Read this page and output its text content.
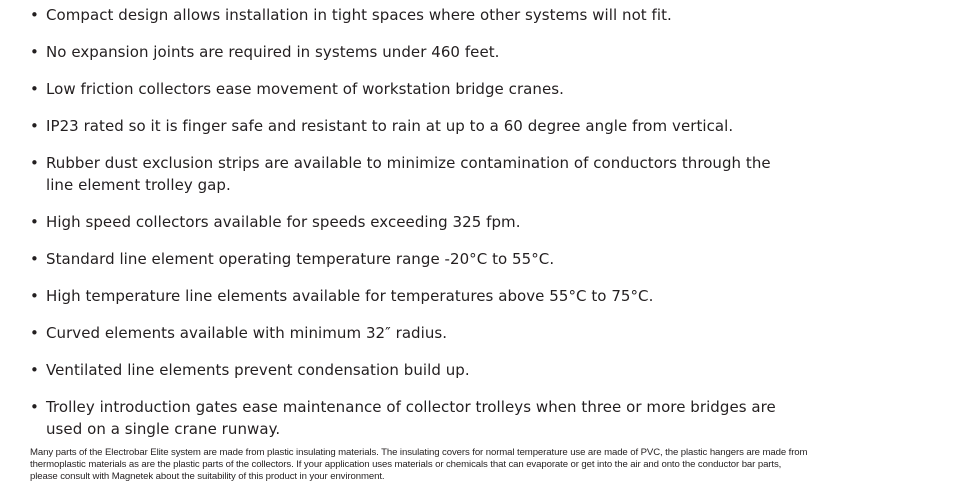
• Compact design allows installation in tight spaces where other systems will not fit.
• No expansion joints are required in systems under 460 feet.
• Low friction collectors ease movement of workstation bridge cranes.
• IP23 rated so it is finger safe and resistant to rain at up to a 60 degree angle from vertical.
• Rubber dust exclusion strips are available to minimize contamination of conductors through the line element trolley gap.
• High speed collectors available for speeds exceeding 325 fpm.
• Standard line element operating temperature range -20°C to 55°C.
• High temperature line elements available for temperatures above 55°C to 75°C.
• Curved elements available with minimum 32″ radius.
• Ventilated line elements prevent condensation build up.
• Trolley introduction gates ease maintenance of collector trolleys when three or more bridges are used on a single crane runway.

Many parts of the Electrobar Elite system are made from plastic insulating materials. The insulating covers for normal temperature use are made of PVC, the plastic hangers are made from thermoplastic materials as are the plastic parts of the collectors. If your application uses materials or chemicals that can evaporate or get into the air and onto the conductor bar parts, please consult with Magnetek about the suitability of this product in your environment.
